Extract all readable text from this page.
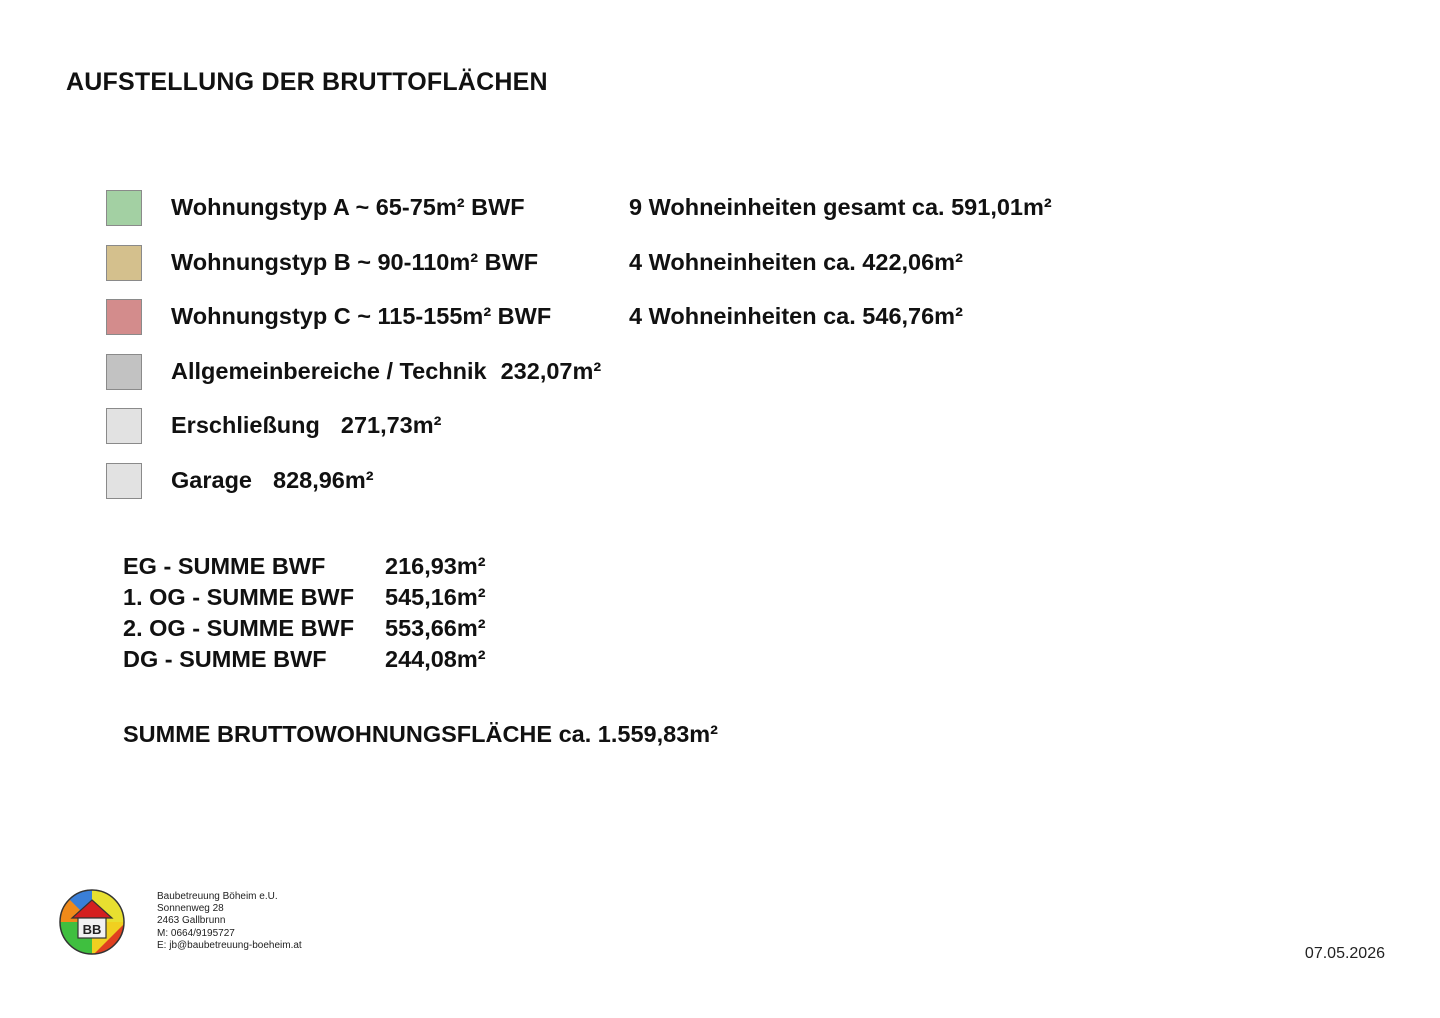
AUFSTELLUNG DER BRUTTOFLÄCHEN
Wohnungstyp A ~ 65-75m² BWF	9 Wohneinheiten gesamt ca. 591,01m²
Wohnungstyp B ~ 90-110m² BWF	4 Wohneinheiten ca. 422,06m²
Wohnungstyp C ~ 115-155m² BWF	4 Wohneinheiten ca. 546,76m²
Allgemeinbereiche / Technik 232,07m²
Erschließung 271,73m²
Garage 828,96m²
EG - SUMME BWF	216,93m²
1. OG - SUMME BWF 545,16m²
2. OG - SUMME BWF 553,66m²
DG - SUMME BWF 244,08m²
SUMME BRUTTOWOHNUNGSFLÄCHE ca. 1.559,83m²
BB
Baubetreuung Böheim e.U.
Sonnenweg 28
2463 Gallbrunn
M: 0664/9195727
E: jb@baubetreuung-boeheim.at	07.05.2026
